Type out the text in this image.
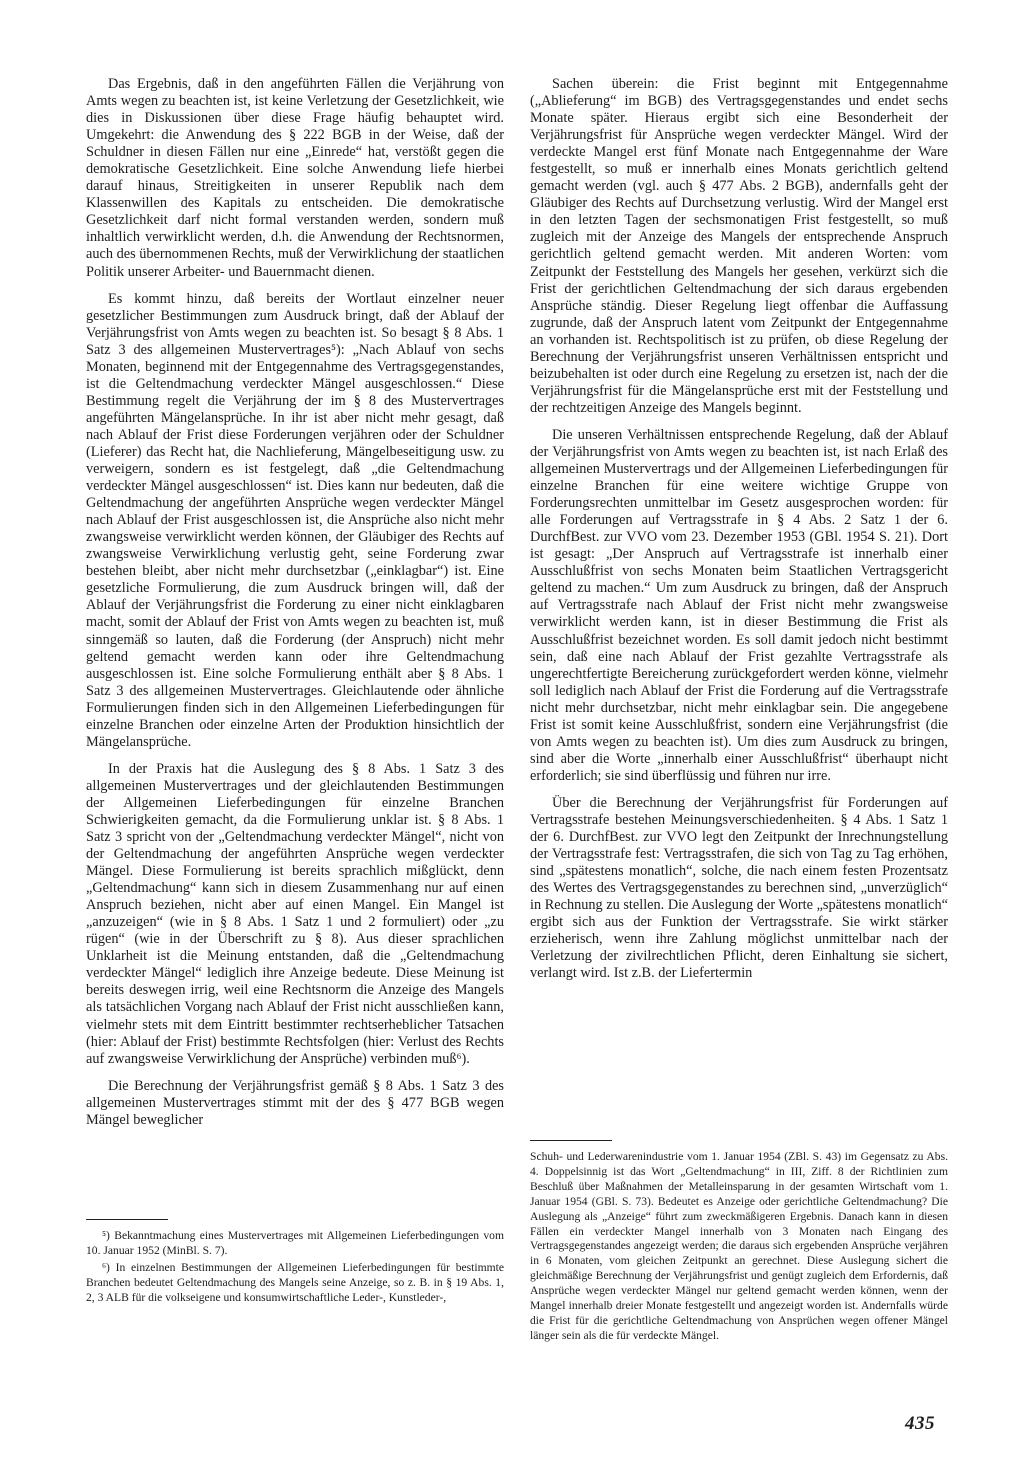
Das Ergebnis, daß in den angeführten Fällen die Verjährung von Amts wegen zu beachten ist, ist keine Verletzung der Gesetzlichkeit, wie dies in Diskussionen über diese Frage häufig behauptet wird. Umgekehrt: die Anwendung des § 222 BGB in der Weise, daß der Schuldner in diesen Fällen nur eine „Einrede“ hat, verstößt gegen die demokratische Gesetzlichkeit. Eine solche Anwendung liefe hierbei darauf hinaus, Streitigkeiten in unserer Republik nach dem Klassenwillen des Kapitals zu entscheiden. Die demokratische Gesetzlichkeit darf nicht formal verstanden werden, sondern muß inhaltlich verwirklicht werden, d.h. die Anwendung der Rechtsnormen, auch des übernommenen Rechts, muß der Verwirklichung der staatlichen Politik unserer Arbeiter- und Bauernmacht dienen.

Es kommt hinzu, daß bereits der Wortlaut einzelner neuer gesetzlicher Bestimmungen zum Ausdruck bringt, daß der Ablauf der Verjährungsfrist von Amts wegen zu beachten ist. So besagt § 8 Abs. 1 Satz 3 des allgemeinen Mustervertrages⁵): „Nach Ablauf von sechs Monaten, beginnend mit der Entgegennahme des Vertragsgegenstandes, ist die Geltendmachung verdeckter Mängel ausgeschlossen.“ Diese Bestimmung regelt die Verjährung der im § 8 des Mustervertrages angeführten Mängelansprüche. In ihr ist aber nicht mehr gesagt, daß nach Ablauf der Frist diese Forderungen verjähren oder der Schuldner (Lieferer) das Recht hat, die Nachlieferung, Mängelbeseitigung usw. zu verweigern, sondern es ist festgelegt, daß „die Geltendmachung verdeckter Mängel ausgeschlossen“ ist. Dies kann nur bedeuten, daß die Geltendmachung der angeführten Ansprüche wegen verdeckter Mängel nach Ablauf der Frist ausgeschlossen ist, die Ansprüche also nicht mehr zwangsweise verwirklicht werden können, der Gläubiger des Rechts auf zwangsweise Verwirklichung verlustig geht, seine Forderung zwar bestehen bleibt, aber nicht mehr durchsetzbar („einklagbar“) ist. Eine gesetzliche Formulierung, die zum Ausdruck bringen will, daß der Ablauf der Verjährungsfrist die Forderung zu einer nicht einklagbaren macht, somit der Ablauf der Frist von Amts wegen zu beachten ist, muß sinngemäß so lauten, daß die Forderung (der Anspruch) nicht mehr geltend gemacht werden kann oder ihre Geltendmachung ausgeschlossen ist. Eine solche Formulierung enthält aber § 8 Abs. 1 Satz 3 des allgemeinen Mustervertrages. Gleichlautende oder ähnliche Formulierungen finden sich in den Allgemeinen Lieferbedingungen für einzelne Branchen oder einzelne Arten der Produktion hinsichtlich der Mängelansprüche.

In der Praxis hat die Auslegung des § 8 Abs. 1 Satz 3 des allgemeinen Mustervertrages und der gleichlautenden Bestimmungen der Allgemeinen Lieferbedingungen für einzelne Branchen Schwierigkeiten gemacht, da die Formulierung unklar ist. § 8 Abs. 1 Satz 3 spricht von der „Geltendmachung verdeckter Mängel“, nicht von der Geltendmachung der angeführten Ansprüche wegen verdeckter Mängel. Diese Formulierung ist bereits sprachlich mißglückt, denn „Geltendmachung“ kann sich in diesem Zusammenhang nur auf einen Anspruch beziehen, nicht aber auf einen Mangel. Ein Mangel ist „anzuzeigen“ (wie in § 8 Abs. 1 Satz 1 und 2 formuliert) oder „zu rügen“ (wie in der Überschrift zu § 8). Aus dieser sprachlichen Unklarheit ist die Meinung entstanden, daß die „Geltendmachung verdeckter Mängel“ lediglich ihre Anzeige bedeute. Diese Meinung ist bereits deswegen irrig, weil eine Rechtsnorm die Anzeige des Mangels als tatsächlichen Vorgang nach Ablauf der Frist nicht ausschließen kann, vielmehr stets mit dem Eintritt bestimmter rechtserheblicher Tatsachen (hier: Ablauf der Frist) bestimmte Rechtsfolgen (hier: Verlust des Rechts auf zwangsweise Verwirklichung der Ansprüche) verbinden muß⁶).

Die Berechnung der Verjährungsfrist gemäß § 8 Abs. 1 Satz 3 des allgemeinen Mustervertrages stimmt mit der des § 477 BGB wegen Mängel beweglicher

Sachen überein: die Frist beginnt mit Entgegennahme („Ablieferung“ im BGB) des Vertragsgegenstandes und endet sechs Monate später. Hieraus ergibt sich eine Besonderheit der Verjährungsfrist für Ansprüche wegen verdeckter Mängel. Wird der verdeckte Mangel erst fünf Monate nach Entgegennahme der Ware festgestellt, so muß er innerhalb eines Monats gerichtlich geltend gemacht werden (vgl. auch § 477 Abs. 2 BGB), andernfalls geht der Gläubiger des Rechts auf Durchsetzung verlustig. Wird der Mangel erst in den letzten Tagen der sechsmonatigen Frist festgestellt, so muß zugleich mit der Anzeige des Mangels der entsprechende Anspruch gerichtlich geltend gemacht werden. Mit anderen Worten: vom Zeitpunkt der Feststellung des Mangels her gesehen, verkürzt sich die Frist der gerichtlichen Geltendmachung der sich daraus ergebenden Ansprüche ständig. Dieser Regelung liegt offenbar die Auffassung zugrunde, daß der Anspruch latent vom Zeitpunkt der Entgegennahme an vorhanden ist. Rechtspolitisch ist zu prüfen, ob diese Regelung der Berechnung der Verjährungsfrist unseren Verhältnissen entspricht und beizubehalten ist oder durch eine Regelung zu ersetzen ist, nach der die Verjährungsfrist für die Mängelansprüche erst mit der Feststellung und der rechtzeitigen Anzeige des Mangels beginnt.

Die unseren Verhältnissen entsprechende Regelung, daß der Ablauf der Verjährungsfrist von Amts wegen zu beachten ist, ist nach Erlaß des allgemeinen Mustervertrags und der Allgemeinen Lieferbedingungen für einzelne Branchen für eine weitere wichtige Gruppe von Forderungsrechten unmittelbar im Gesetz ausgesprochen worden: für alle Forderungen auf Vertragsstrafe in § 4 Abs. 2 Satz 1 der 6. DurchfBest. zur VVO vom 23. Dezember 1953 (GBl. 1954 S. 21). Dort ist gesagt: „Der Anspruch auf Vertragsstrafe ist innerhalb einer Ausschlußfrist von sechs Monaten beim Staatlichen Vertragsgericht geltend zu machen.“ Um zum Ausdruck zu bringen, daß der Anspruch auf Vertragsstrafe nach Ablauf der Frist nicht mehr zwangsweise verwirklicht werden kann, ist in dieser Bestimmung die Frist als Ausschlußfrist bezeichnet worden. Es soll damit jedoch nicht bestimmt sein, daß eine nach Ablauf der Frist gezahlte Vertragsstrafe als ungerechtfertigte Bereicherung zurückgefordert werden könne, vielmehr soll lediglich nach Ablauf der Frist die Forderung auf die Vertragsstrafe nicht mehr durchsetzbar, nicht mehr einklagbar sein. Die angegebene Frist ist somit keine Ausschlußfrist, sondern eine Verjährungsfrist (die von Amts wegen zu beachten ist). Um dies zum Ausdruck zu bringen, sind aber die Worte „innerhalb einer Ausschlußfrist“ überhaupt nicht erforderlich; sie sind überflüssig und führen nur irre.

Über die Berechnung der Verjährungsfrist für Forderungen auf Vertragsstrafe bestehen Meinungsverschiedenheiten. § 4 Abs. 1 Satz 1 der 6. DurchfBest. zur VVO legt den Zeitpunkt der Inrechnungstellung der Vertragsstrafe fest: Vertragsstrafen, die sich von Tag zu Tag erhöhen, sind „spätestens monatlich“, solche, die nach einem festen Prozentsatz des Wertes des Vertragsgegenstandes zu berechnen sind, „unverzüglich“ in Rechnung zu stellen. Die Auslegung der Worte „spätestens monatlich“ ergibt sich aus der Funktion der Vertragsstrafe. Sie wirkt stärker erzieherisch, wenn ihre Zahlung möglichst unmittelbar nach der Verletzung der zivilrechtlichen Pflicht, deren Einhaltung sie sichert, verlangt wird. Ist z.B. der Liefertermin

⁵) Bekanntmachung eines Mustervertrages mit Allgemeinen Lieferbedingungen vom 10. Januar 1952 (MinBl. S. 7).

⁶) In einzelnen Bestimmungen der Allgemeinen Lieferbedingungen für bestimmte Branchen bedeutet Geltendmachung des Mangels seine Anzeige, so z. B. in § 19 Abs. 1, 2, 3 ALB für die volkseigene und konsumwirtschaftliche Leder-, Kunstleder-,

Schuh- und Lederwarenindustrie vom 1. Januar 1954 (ZBl. S. 43) im Gegensatz zu Abs. 4. Doppelsinnig ist das Wort „Geltendmachung“ in III, Ziff. 8 der Richtlinien zum Beschluß über Maßnahmen der Metalleinsparung in der gesamten Wirtschaft vom 1. Januar 1954 (GBl. S. 73). Bedeutet es Anzeige oder gerichtliche Geltendmachung? Die Auslegung als „Anzeige“ führt zum zweckmäßigeren Ergebnis. Danach kann in diesen Fällen ein verdeckter Mangel innerhalb von 3 Monaten nach Eingang des Vertragsgegenstandes angezeigt werden; die daraus sich ergebenden Ansprüche verjähren in 6 Monaten, vom gleichen Zeitpunkt an gerechnet. Diese Auslegung sichert die gleichmäßige Berechnung der Verjährungsfrist und genügt zugleich dem Erfordernis, daß Ansprüche wegen verdeckter Mängel nur geltend gemacht werden können, wenn der Mangel innerhalb dreier Monate festgestellt und angezeigt worden ist. Andernfalls würde die Frist für die gerichtliche Geltendmachung von Ansprüchen wegen offener Mängel länger sein als die für verdeckte Mängel.

435
